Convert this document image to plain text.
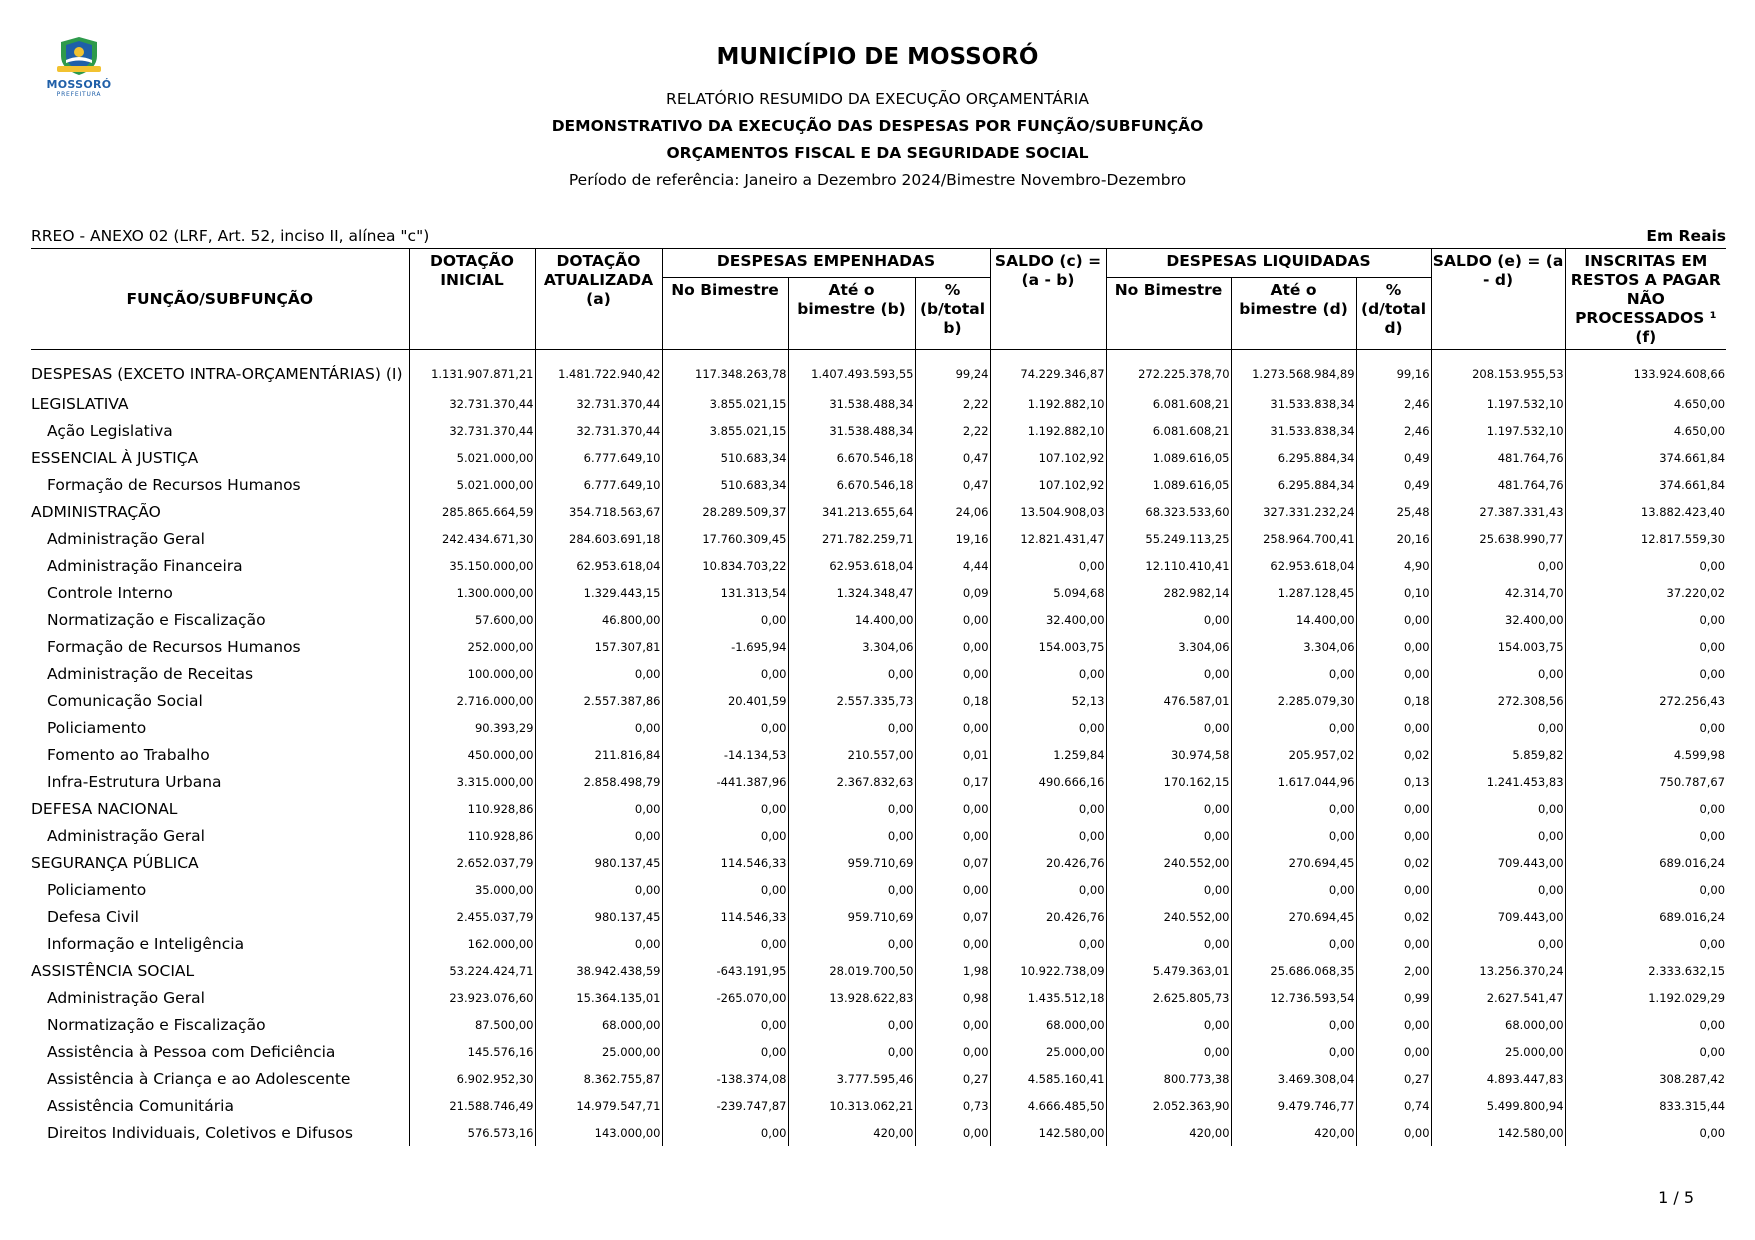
MOSSORÓ
PREFEITURA
MUNICÍPIO DE MOSSORÓ
RELATÓRIO RESUMIDO DA EXECUÇÃO ORÇAMENTÁRIA
DEMONSTRATIVO DA EXECUÇÃO DAS DESPESAS POR FUNÇÃO/SUBFUNÇÃO
ORÇAMENTOS FISCAL E DA SEGURIDADE SOCIAL
Período de referência: Janeiro a Dezembro 2024/Bimestre Novembro-Dezembro
RREO - ANEXO 02 (LRF, Art. 52, inciso II, alínea "c")	Em Reais
FUNÇÃO/SUBFUNÇÃO	DOTAÇÃO INICIAL	DOTAÇÃO ATUALIZADA (a)	DESPESAS EMPENHADAS			SALDO (c) = (a - b)	DESPESAS LIQUIDADAS			SALDO (e) = (a - d)	INSCRITAS EM RESTOS A PAGAR NÃO PROCESSADOS ¹ (f)
			No Bimestre	Até o bimestre (b)	% (b/total b)		No Bimestre	Até o bimestre (d)	% (d/total d)		

DESPESAS (EXCETO INTRA-ORÇAMENTÁRIAS) (I)	1.131.907.871,21	1.481.722.940,42	117.348.263,78	1.407.493.593,55	99,24	74.229.346,87	272.225.378,70	1.273.568.984,89	99,16	208.153.955,53	133.924.608,66
LEGISLATIVA	32.731.370,44	32.731.370,44	3.855.021,15	31.538.488,34	2,22	1.192.882,10	6.081.608,21	31.533.838,34	2,46	1.197.532,10	4.650,00
Ação Legislativa	32.731.370,44	32.731.370,44	3.855.021,15	31.538.488,34	2,22	1.192.882,10	6.081.608,21	31.533.838,34	2,46	1.197.532,10	4.650,00
ESSENCIAL À JUSTIÇA	5.021.000,00	6.777.649,10	510.683,34	6.670.546,18	0,47	107.102,92	1.089.616,05	6.295.884,34	0,49	481.764,76	374.661,84
Formação de Recursos Humanos	5.021.000,00	6.777.649,10	510.683,34	6.670.546,18	0,47	107.102,92	1.089.616,05	6.295.884,34	0,49	481.764,76	374.661,84
ADMINISTRAÇÃO	285.865.664,59	354.718.563,67	28.289.509,37	341.213.655,64	24,06	13.504.908,03	68.323.533,60	327.331.232,24	25,48	27.387.331,43	13.882.423,40
Administração Geral	242.434.671,30	284.603.691,18	17.760.309,45	271.782.259,71	19,16	12.821.431,47	55.249.113,25	258.964.700,41	20,16	25.638.990,77	12.817.559,30
Administração Financeira	35.150.000,00	62.953.618,04	10.834.703,22	62.953.618,04	4,44	0,00	12.110.410,41	62.953.618,04	4,90	0,00	0,00
Controle Interno	1.300.000,00	1.329.443,15	131.313,54	1.324.348,47	0,09	5.094,68	282.982,14	1.287.128,45	0,10	42.314,70	37.220,02
Normatização e Fiscalização	57.600,00	46.800,00	0,00	14.400,00	0,00	32.400,00	0,00	14.400,00	0,00	32.400,00	0,00
Formação de Recursos Humanos	252.000,00	157.307,81	-1.695,94	3.304,06	0,00	154.003,75	3.304,06	3.304,06	0,00	154.003,75	0,00
Administração de Receitas	100.000,00	0,00	0,00	0,00	0,00	0,00	0,00	0,00	0,00	0,00	0,00
Comunicação Social	2.716.000,00	2.557.387,86	20.401,59	2.557.335,73	0,18	52,13	476.587,01	2.285.079,30	0,18	272.308,56	272.256,43
Policiamento	90.393,29	0,00	0,00	0,00	0,00	0,00	0,00	0,00	0,00	0,00	0,00
Fomento ao Trabalho	450.000,00	211.816,84	-14.134,53	210.557,00	0,01	1.259,84	30.974,58	205.957,02	0,02	5.859,82	4.599,98
Infra-Estrutura Urbana	3.315.000,00	2.858.498,79	-441.387,96	2.367.832,63	0,17	490.666,16	170.162,15	1.617.044,96	0,13	1.241.453,83	750.787,67
DEFESA NACIONAL	110.928,86	0,00	0,00	0,00	0,00	0,00	0,00	0,00	0,00	0,00	0,00
Administração Geral	110.928,86	0,00	0,00	0,00	0,00	0,00	0,00	0,00	0,00	0,00	0,00
SEGURANÇA PÚBLICA	2.652.037,79	980.137,45	114.546,33	959.710,69	0,07	20.426,76	240.552,00	270.694,45	0,02	709.443,00	689.016,24
Policiamento	35.000,00	0,00	0,00	0,00	0,00	0,00	0,00	0,00	0,00	0,00	0,00
Defesa Civil	2.455.037,79	980.137,45	114.546,33	959.710,69	0,07	20.426,76	240.552,00	270.694,45	0,02	709.443,00	689.016,24
Informação e Inteligência	162.000,00	0,00	0,00	0,00	0,00	0,00	0,00	0,00	0,00	0,00	0,00
ASSISTÊNCIA SOCIAL	53.224.424,71	38.942.438,59	-643.191,95	28.019.700,50	1,98	10.922.738,09	5.479.363,01	25.686.068,35	2,00	13.256.370,24	2.333.632,15
Administração Geral	23.923.076,60	15.364.135,01	-265.070,00	13.928.622,83	0,98	1.435.512,18	2.625.805,73	12.736.593,54	0,99	2.627.541,47	1.192.029,29
Normatização e Fiscalização	87.500,00	68.000,00	0,00	0,00	0,00	68.000,00	0,00	0,00	0,00	68.000,00	0,00
Assistência à Pessoa com Deficiência	145.576,16	25.000,00	0,00	0,00	0,00	25.000,00	0,00	0,00	0,00	25.000,00	0,00
Assistência à Criança e ao Adolescente	6.902.952,30	8.362.755,87	-138.374,08	3.777.595,46	0,27	4.585.160,41	800.773,38	3.469.308,04	0,27	4.893.447,83	308.287,42
Assistência Comunitária	21.588.746,49	14.979.547,71	-239.747,87	10.313.062,21	0,73	4.666.485,50	2.052.363,90	9.479.746,77	0,74	5.499.800,94	833.315,44
Direitos Individuais, Coletivos e Difusos	576.573,16	143.000,00	0,00	420,00	0,00	142.580,00	420,00	420,00	0,00	142.580,00	0,00
1 / 5
